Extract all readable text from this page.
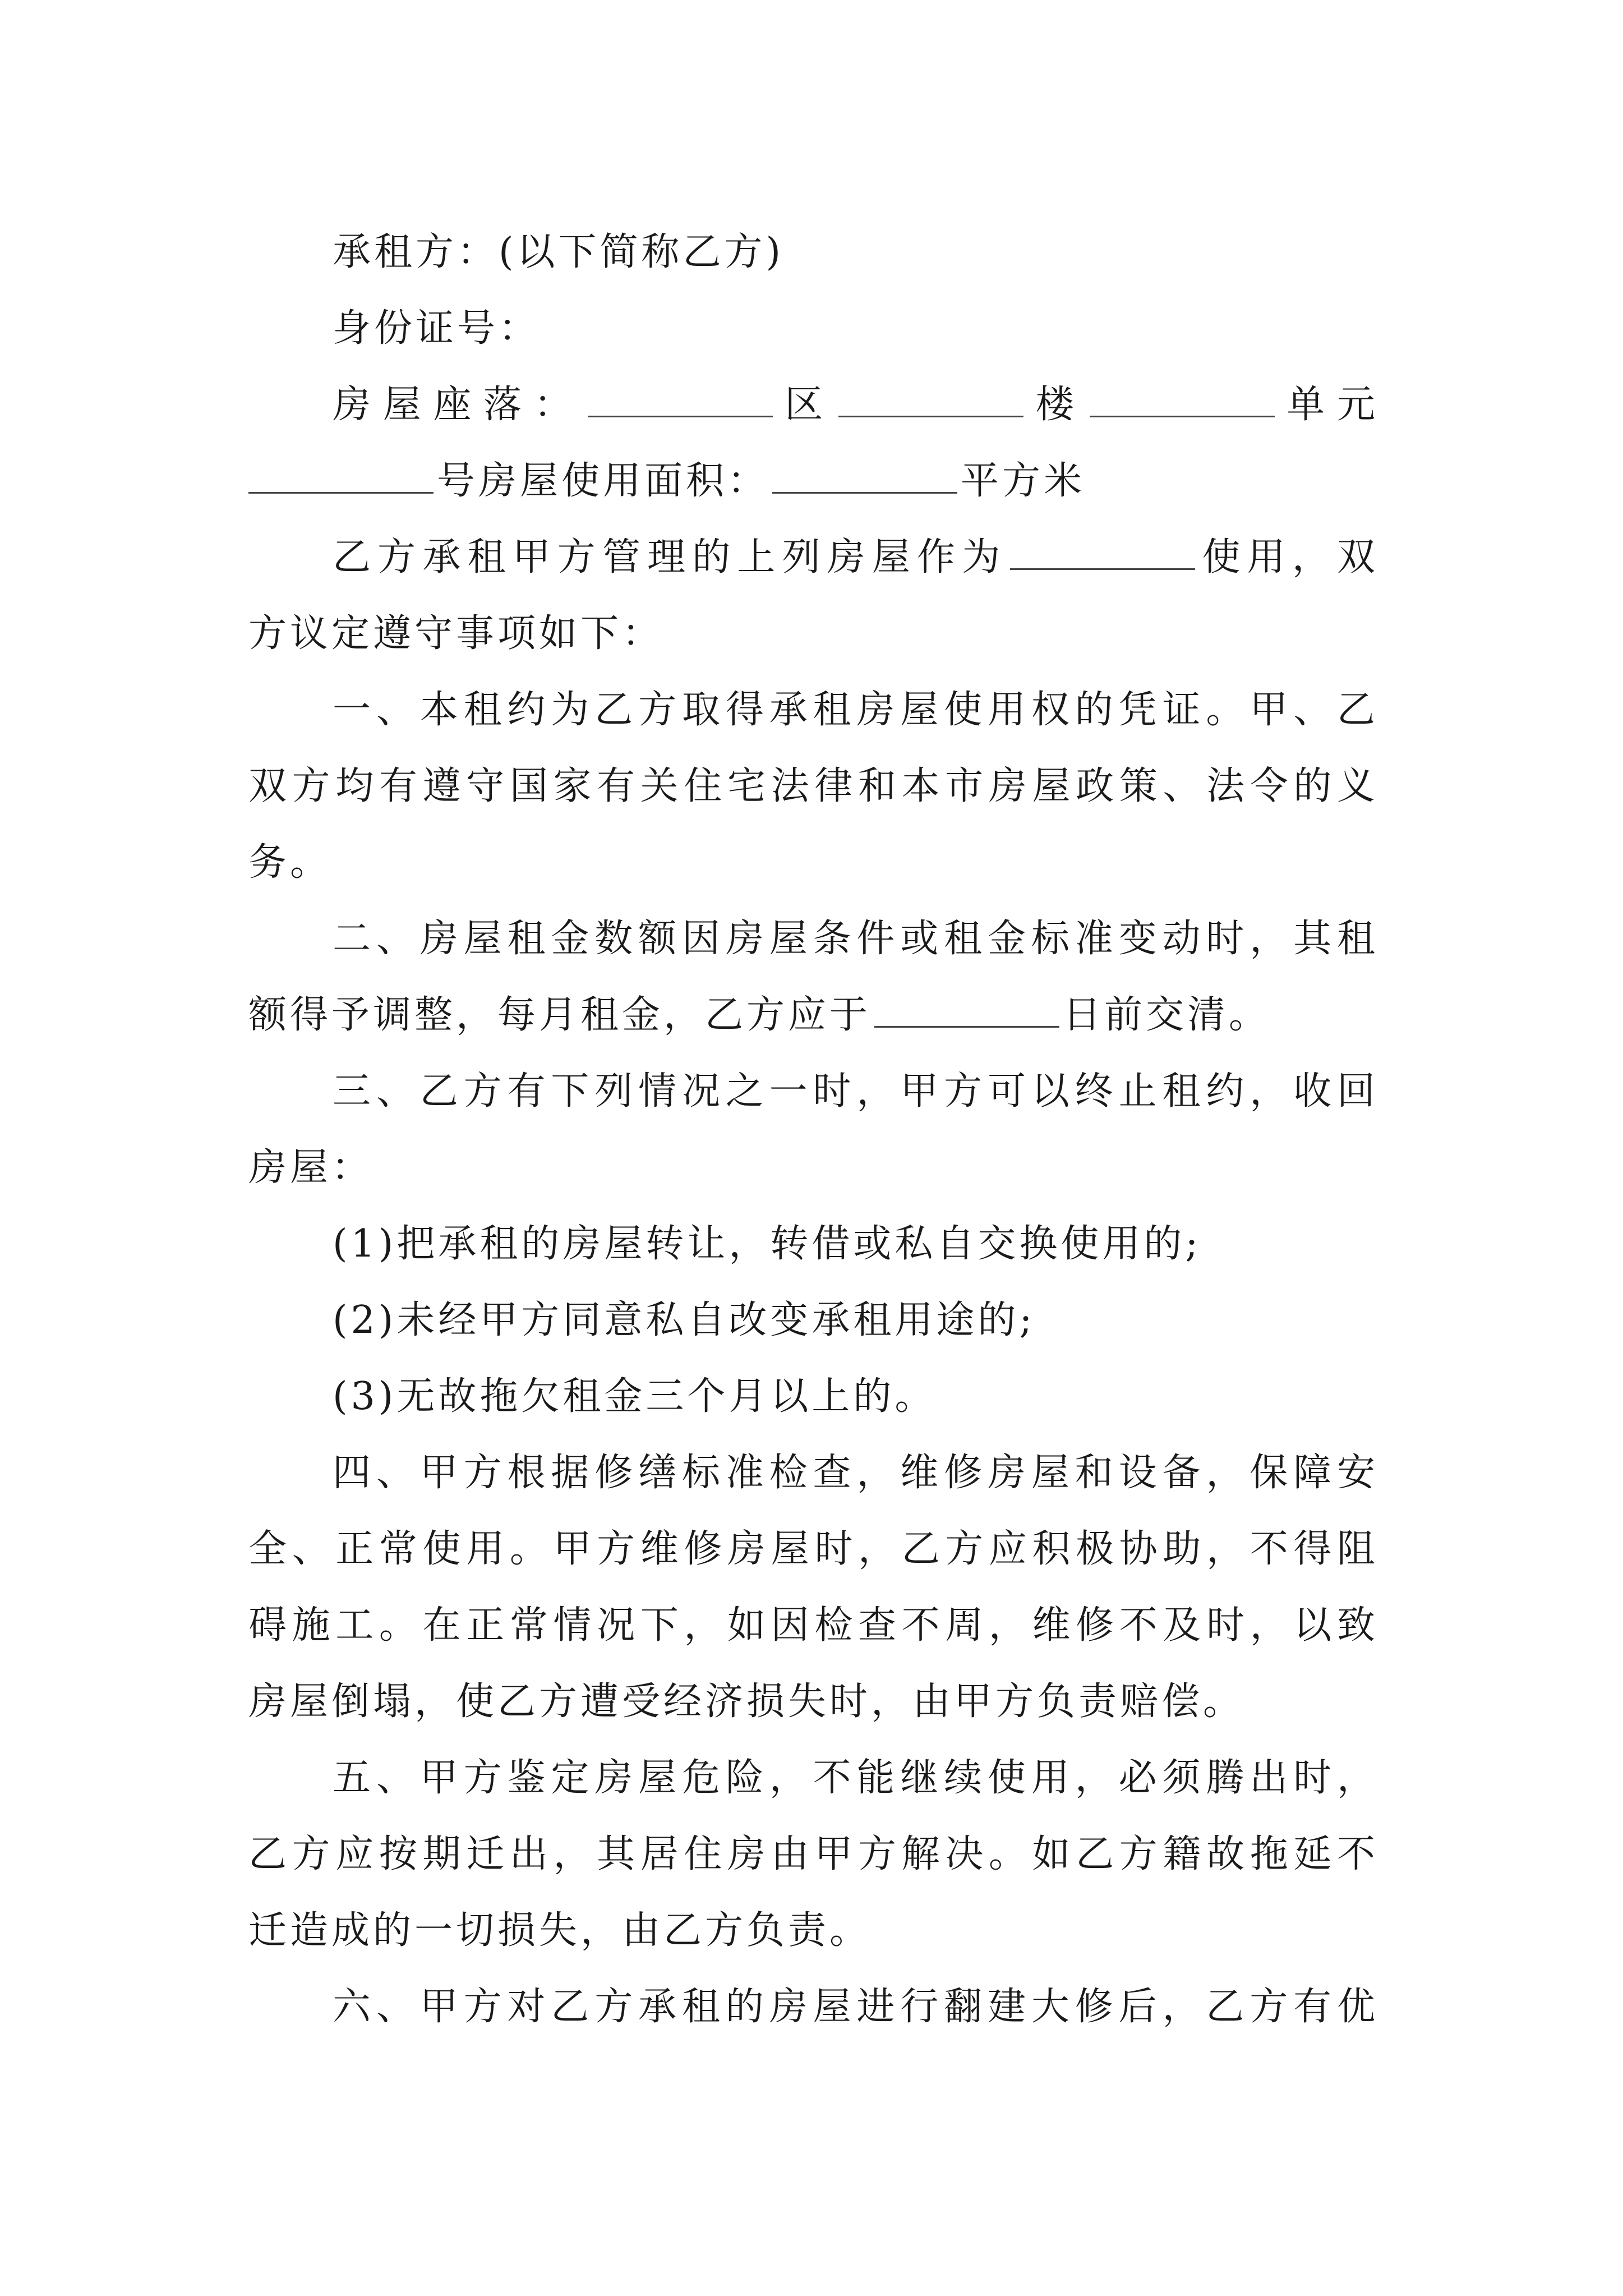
承租方：(以下简称乙方)
身份证号：
房屋座落：	区	楼	单元
号房屋使用面积：	平方米
乙方承租甲方管理的上列房屋作为	使用，双
方议定遵守事项如下：
一、本租约为乙方取得承租房屋使用权的凭证。甲、乙
双方均有遵守国家有关住宅法律和本市房屋政策、法令的义
务。
二、房屋租金数额因房屋条件或租金标准变动时，其租
额得予调整，每月租金，乙方应于	日前交清。
三、乙方有下列情况之一时，甲方可以终止租约，收回
房屋：
(1)把承租的房屋转让，转借或私自交换使用的;
(2)未经甲方同意私自改变承租用途的;
(3)无故拖欠租金三个月以上的。
四、甲方根据修缮标准检查，维修房屋和设备，保障安
全、正常使用。甲方维修房屋时，乙方应积极协助，不得阻
碍施工。在正常情况下，如因检查不周，维修不及时，以致
房屋倒塌，使乙方遭受经济损失时，由甲方负责赔偿。
五、甲方鉴定房屋危险，不能继续使用，必须腾出时，
乙方应按期迁出，其居住房由甲方解决。如乙方籍故拖延不
迁造成的一切损失，由乙方负责。
六、甲方对乙方承租的房屋进行翻建大修后，乙方有优
